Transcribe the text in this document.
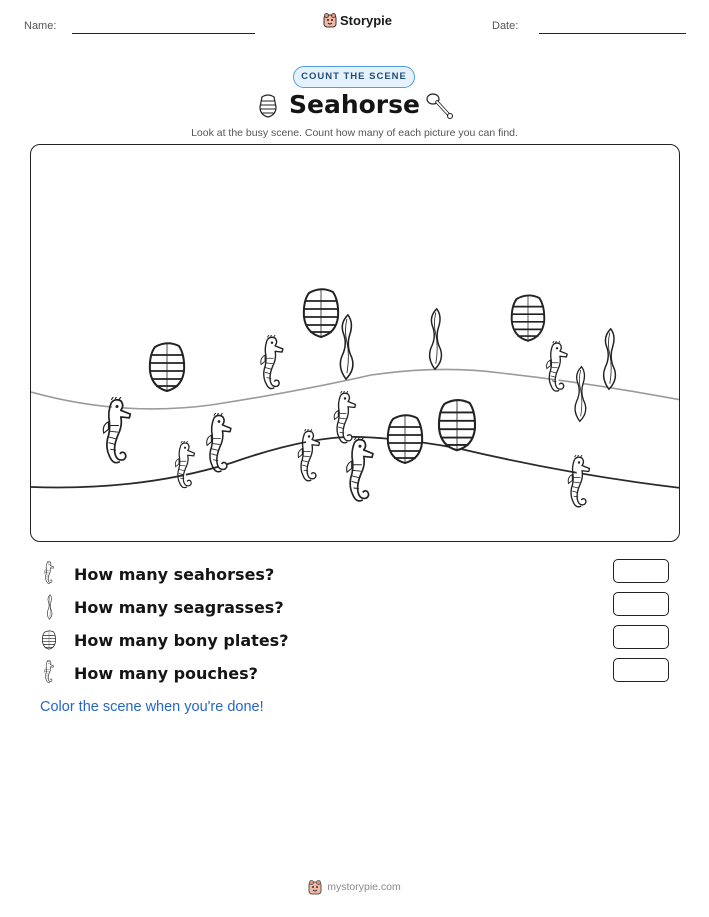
Name:	Storypie	Date:
COUNT THE SCENE
Seahorse
Look at the busy scene. Count how many of each picture you can find.
How many seahorses?
How many seagrasses?
How many bony plates?
How many pouches?
Color the scene when you're done!
mystorypie.com
